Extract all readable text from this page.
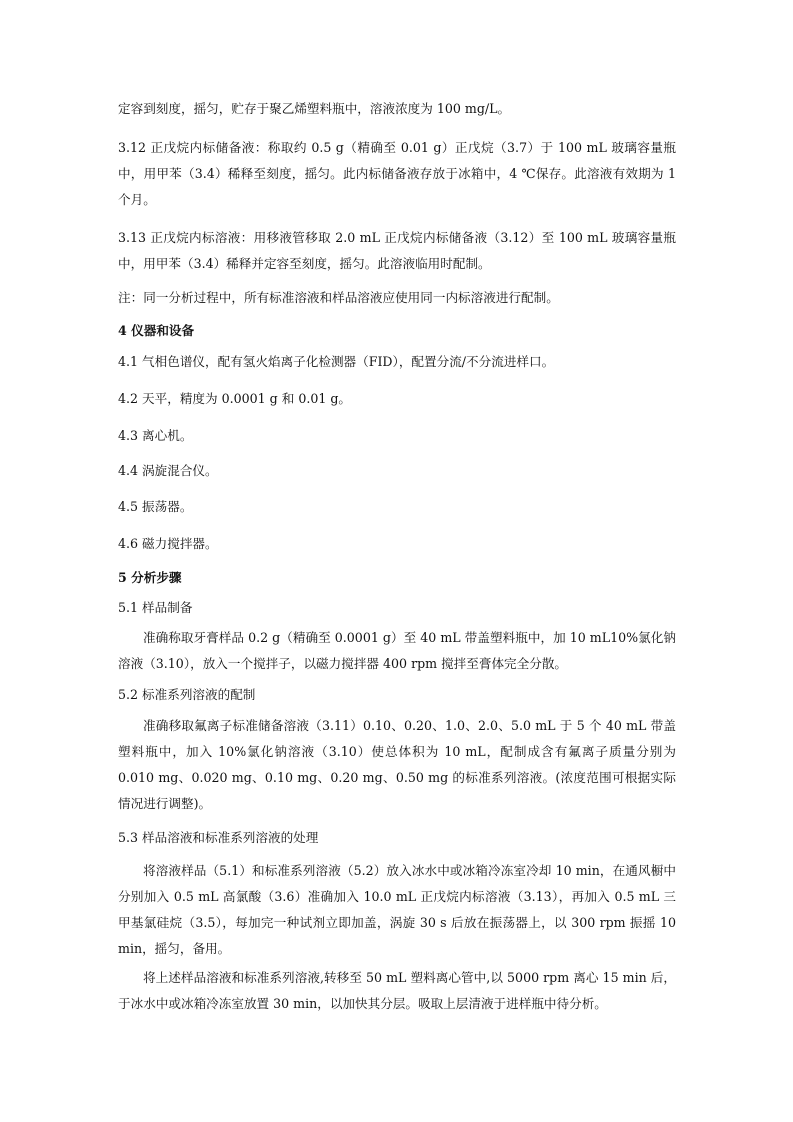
定容到刻度，摇匀，贮存于聚乙烯塑料瓶中，溶液浓度为 100 mg/L。

3.12 正戊烷内标储备液：称取约 0.5 g（精确至 0.01 g）正戊烷（3.7）于 100 mL 玻璃容量瓶中，用甲苯（3.4）稀释至刻度，摇匀。此内标储备液存放于冰箱中，4 ℃保存。此溶液有效期为 1 个月。

3.13 正戊烷内标溶液：用移液管移取 2.0 mL 正戊烷内标储备液（3.12）至 100 mL 玻璃容量瓶中，用甲苯（3.4）稀释并定容至刻度，摇匀。此溶液临用时配制。

注：同一分析过程中，所有标准溶液和样品溶液应使用同一内标溶液进行配制。

4 仪器和设备

4.1 气相色谱仪，配有氢火焰离子化检测器（FID），配置分流/不分流进样口。

4.2 天平，精度为 0.0001 g 和 0.01 g。

4.3 离心机。

4.4 涡旋混合仪。

4.5 振荡器。

4.6 磁力搅拌器。

5 分析步骤

5.1 样品制备

准确称取牙膏样品 0.2 g（精确至 0.0001 g）至 40 mL 带盖塑料瓶中，加 10 mL10%氯化钠溶液（3.10），放入一个搅拌子，以磁力搅拌器 400 rpm 搅拌至膏体完全分散。

5.2 标准系列溶液的配制

准确移取氟离子标准储备溶液（3.11）0.10、0.20、1.0、2.0、5.0 mL 于 5 个 40 mL 带盖塑料瓶中，加入 10%氯化钠溶液（3.10）使总体积为 10 mL，配制成含有氟离子质量分别为 0.010 mg、0.020 mg、0.10 mg、0.20 mg、0.50 mg 的标准系列溶液。(浓度范围可根据实际情况进行调整)。

5.3 样品溶液和标准系列溶液的处理

将溶液样品（5.1）和标准系列溶液（5.2）放入冰水中或冰箱冷冻室冷却 10 min，在通风橱中分别加入 0.5 mL 高氯酸（3.6）准确加入 10.0 mL 正戊烷内标溶液（3.13），再加入 0.5 mL 三甲基氯硅烷（3.5），每加完一种试剂立即加盖，涡旋 30 s 后放在振荡器上，以 300 rpm 振摇 10 min，摇匀，备用。

将上述样品溶液和标准系列溶液,转移至 50 mL 塑料离心管中,以 5000 rpm 离心 15 min 后，于冰水中或冰箱冷冻室放置 30 min，以加快其分层。吸取上层清液于进样瓶中待分析。
